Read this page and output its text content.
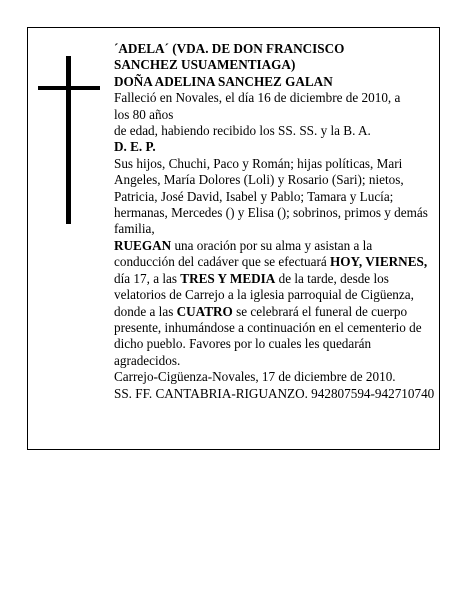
´ADELA´ (VDA. DE DON FRANCISCO
SANCHEZ USUAMENTIAGA)

DOÑA ADELINA SANCHEZ GALAN

Falleció en Novales, el día 16 de diciembre de 2010, a
los 80 años
de edad, habiendo recibido los SS. SS. y la B. A.

D. E. P.

Sus hijos, Chuchi, Paco y Román; hijas políticas, Mari Angeles, María Dolores (Loli) y Rosario (Sari); nietos, Patricia, José David, Isabel y Pablo; Tamara y Lucía; hermanas, Mercedes () y Elisa (); sobrinos, primos y demás familia,

RUEGAN una oración por su alma y asistan a la conducción del cadáver que se efectuará HOY, VIERNES, día 17, a las TRES Y MEDIA de la tarde, desde los velatorios de Carrejo a la iglesia parroquial de Cigüenza, donde a las CUATRO se celebrará el funeral de cuerpo presente, inhumándose a continuación en el cementerio de dicho pueblo. Favores por lo cuales les quedarán agradecidos.

Carrejo-Cigüenza-Novales, 17 de diciembre de 2010.

SS. FF. CANTABRIA-RIGUANZO. 942807594-942710740
